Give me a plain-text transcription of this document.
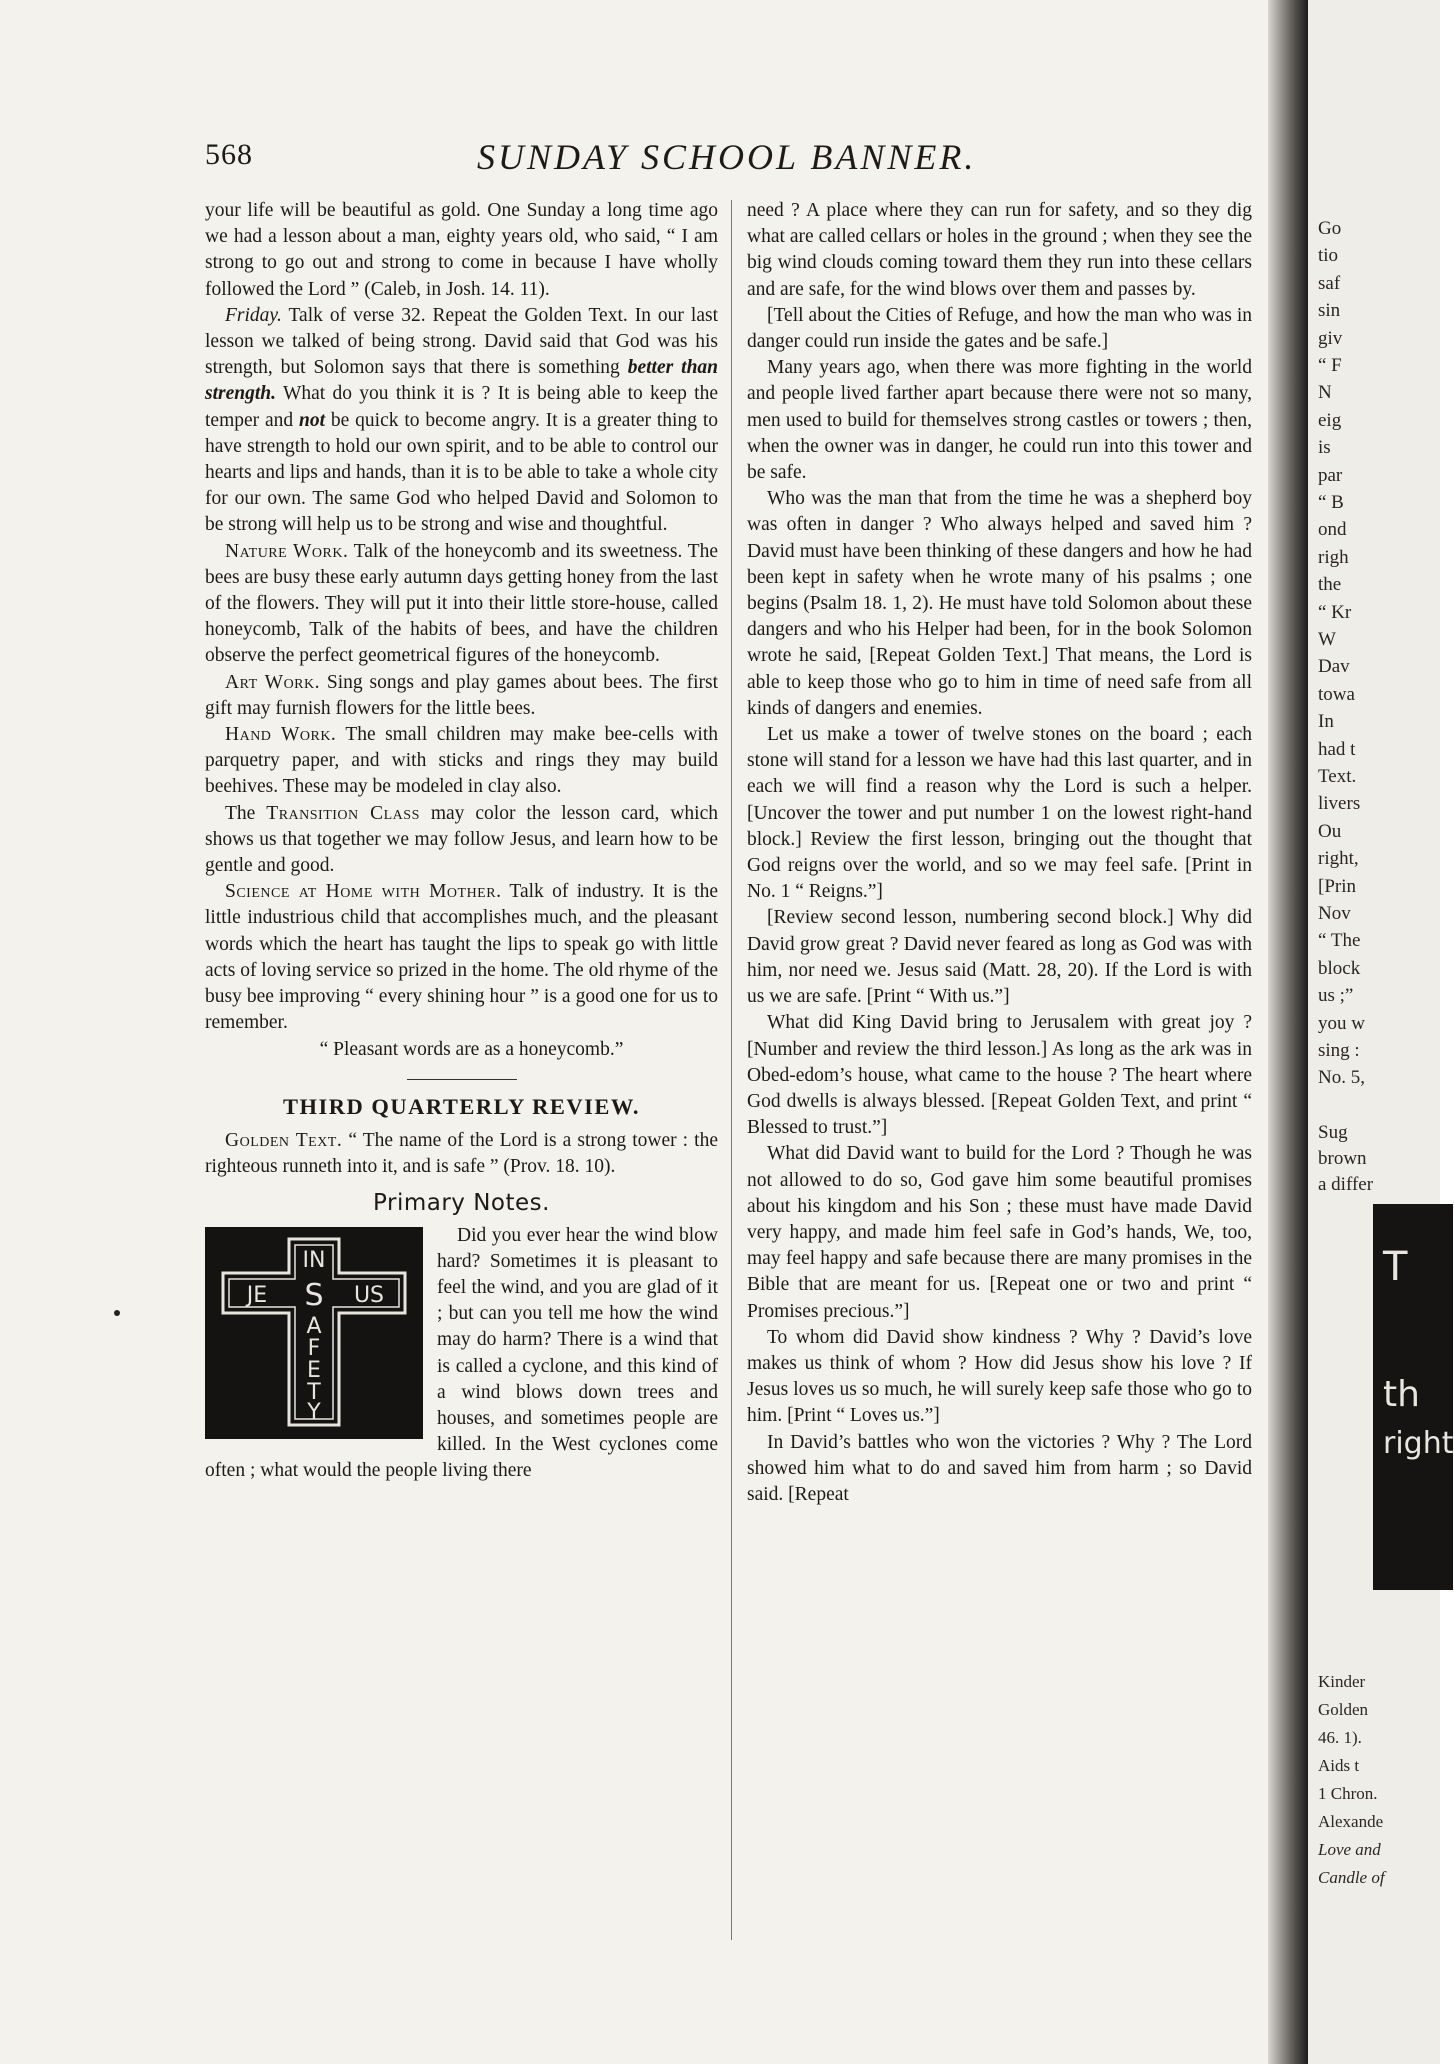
568	SUNDAY SCHOOL BANNER.

your life will be beautiful as gold. One Sunday a long time ago we had a lesson about a man, eighty years old, who said, “ I am strong to go out and strong to come in because I have wholly followed the Lord ” (Caleb, in Josh. 14. 11).

Friday. Talk of verse 32. Repeat the Golden Text. In our last lesson we talked of being strong. David said that God was his strength, but Solomon says that there is something better than strength. What do you think it is ? It is being able to keep the temper and not be quick to become angry. It is a greater thing to have strength to hold our own spirit, and to be able to control our hearts and lips and hands, than it is to be able to take a whole city for our own. The same God who helped David and Solomon to be strong will help us to be strong and wise and thoughtful.

Nature Work. Talk of the honeycomb and its sweetness. The bees are busy these early autumn days getting honey from the last of the flowers. They will put it into their little store-house, called honeycomb, Talk of the habits of bees, and have the children observe the perfect geometrical figures of the honeycomb.

Art Work. Sing songs and play games about bees. The first gift may furnish flowers for the little bees.

Hand Work. The small children may make bee-cells with parquetry paper, and with sticks and rings they may build beehives. These may be modeled in clay also.

The Transition Class may color the lesson card, which shows us that together we may follow Jesus, and learn how to be gentle and good.

Science at Home with Mother. Talk of industry. It is the little industrious child that accomplishes much, and the pleasant words which the heart has taught the lips to speak go with little acts of loving service so prized in the home. The old rhyme of the busy bee improving “ every shining hour ” is a good one for us to remember.

“ Pleasant words are as a honeycomb.”

THIRD QUARTERLY REVIEW.

Golden Text. “ The name of the Lord is a strong tower : the righteous runneth into it, and is safe ” (Prov. 18. 10).

Primary Notes.
IN
JE S US
A
F
E
T
Y

Did you ever hear the wind blow hard? Sometimes it is pleasant to feel the wind, and you are glad of it ; but can you tell me how the wind may do harm? There is a wind that is called a cyclone, and this kind of a wind blows down trees and houses, and sometimes people are killed. In the West cyclones come often ; what would the people living there

need ? A place where they can run for safety, and so they dig what are called cellars or holes in the ground ; when they see the big wind clouds coming toward them they run into these cellars and are safe, for the wind blows over them and passes by.

[Tell about the Cities of Refuge, and how the man who was in danger could run inside the gates and be safe.]

Many years ago, when there was more fighting in the world and people lived farther apart because there were not so many, men used to build for themselves strong castles or towers ; then, when the owner was in danger, he could run into this tower and be safe.

Who was the man that from the time he was a shepherd boy was often in danger ? Who always helped and saved him ? David must have been thinking of these dangers and how he had been kept in safety when he wrote many of his psalms ; one begins (Psalm 18. 1, 2). He must have told Solomon about these dangers and who his Helper had been, for in the book Solomon wrote he said, [Repeat Golden Text.] That means, the Lord is able to keep those who go to him in time of need safe from all kinds of dangers and enemies.

Let us make a tower of twelve stones on the board ; each stone will stand for a lesson we have had this last quarter, and in each we will find a reason why the Lord is such a helper. [Uncover the tower and put number 1 on the lowest right-hand block.] Review the first lesson, bringing out the thought that God reigns over the world, and so we may feel safe. [Print in No. 1 “ Reigns.”]

[Review second lesson, numbering second block.] Why did David grow great ? David never feared as long as God was with him, nor need we. Jesus said (Matt. 28, 20). If the Lord is with us we are safe. [Print “ With us.”]

What did King David bring to Jerusalem with great joy ? [Number and review the third lesson.] As long as the ark was in Obed-edom’s house, what came to the house ? The heart where God dwells is always blessed. [Repeat Golden Text, and print “ Blessed to trust.”]

What did David want to build for the Lord ? Though he was not allowed to do so, God gave him some beautiful promises about his kingdom and his Son ; these must have made David very happy, and made him feel safe in God’s hands, We, too, may feel happy and safe because there are many promises in the Bible that are meant for us. [Repeat one or two and print “ Promises precious.”]

To whom did David show kindness ? Why ? David’s love makes us think of whom ? How did Jesus show his love ? If Jesus loves us so much, he will surely keep safe those who go to him. [Print “ Loves us.”]

In David’s battles who won the victories ? Why ? The Lord showed him what to do and saved him from harm ; so David said. [Repeat

Go
tio
saf
sin
giv
“ F
N
eig
is
par
“ B
ond
righ
the
“ Kr
W
Dav
towa
In
had t
Text.
livers
Ou
right,
[Prin
Nov
“ The
block
us ;”
you w
sing :
No. 5,
Sug
brown
a differ
T
th
right
Kinder
Golden
46. 1).
Aids t
1 Chron.
Alexande
Love and
Candle of
